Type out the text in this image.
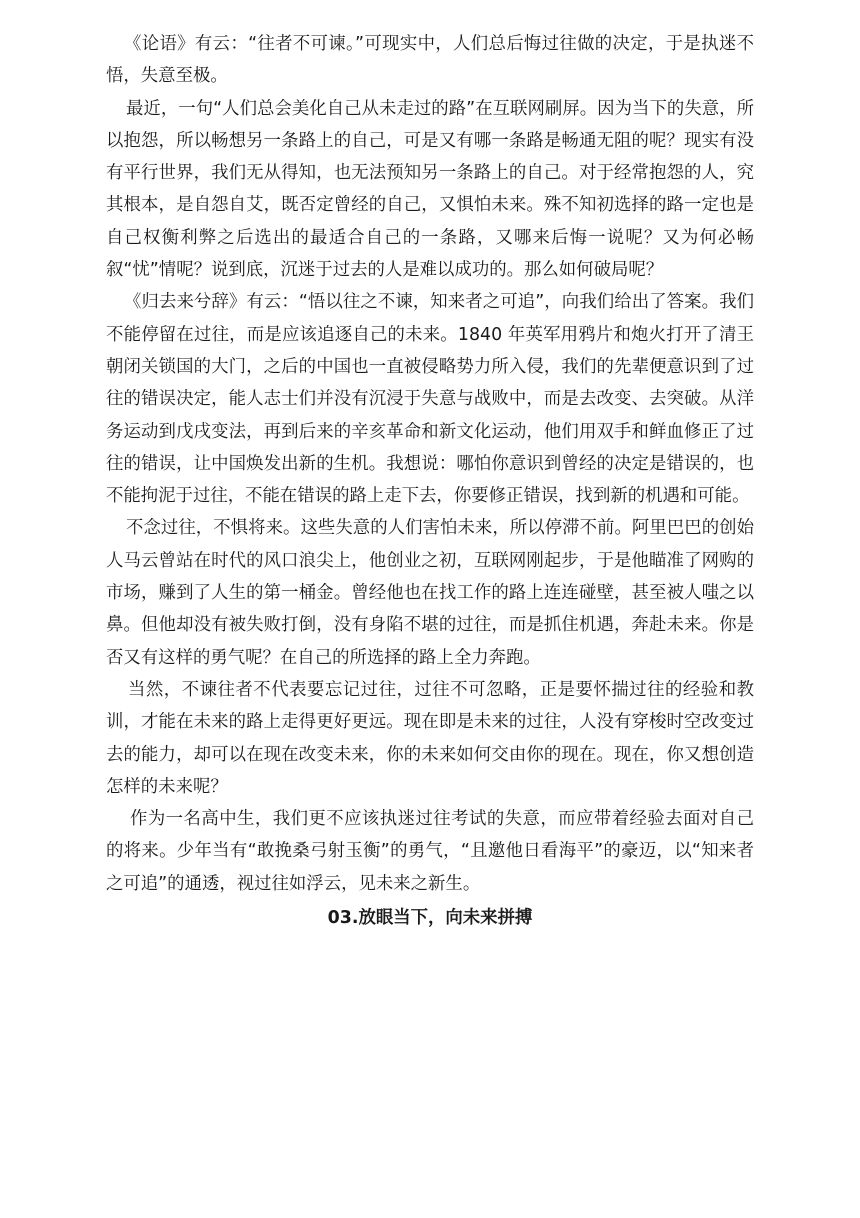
《论语》有云：“往者不可谏。”可现实中，人们总后悔过往做的决定，于是执迷不悟，失意至极。

最近，一句“人们总会美化自己从未走过的路”在互联网刷屏。因为当下的失意，所以抱怨，所以畅想另一条路上的自己，可是又有哪一条路是畅通无阻的呢？现实有没有平行世界，我们无从得知，也无法预知另一条路上的自己。对于经常抱怨的人，究其根本，是自怨自艾，既否定曾经的自己，又惧怕未来。殊不知初选择的路一定也是自己权衡利弊之后选出的最适合自己的一条路，又哪来后悔一说呢？又为何必畅叙“忧”情呢？说到底，沉迷于过去的人是难以成功的。那么如何破局呢？

《归去来兮辞》有云：“悟以往之不谏，知来者之可追”，向我们给出了答案。我们不能停留在过往，而是应该追逐自己的未来。1840 年英军用鸦片和炮火打开了清王朝闭关锁国的大门，之后的中国也一直被侵略势力所入侵，我们的先辈便意识到了过往的错误决定，能人志士们并没有沉浸于失意与战败中，而是去改变、去突破。从洋务运动到戊戌变法，再到后来的辛亥革命和新文化运动，他们用双手和鲜血修正了过往的错误，让中国焕发出新的生机。我想说：哪怕你意识到曾经的决定是错误的，也不能拘泥于过往，不能在错误的路上走下去，你要修正错误，找到新的机遇和可能。

不念过往，不惧将来。这些失意的人们害怕未来，所以停滞不前。阿里巴巴的创始人马云曾站在时代的风口浪尖上，他创业之初，互联网刚起步，于是他瞄准了网购的市场，赚到了人生的第一桶金。曾经他也在找工作的路上连连碰壁，甚至被人嗤之以鼻。但他却没有被失败打倒，没有身陷不堪的过往，而是抓住机遇，奔赴未来。你是否又有这样的勇气呢？在自己的所选择的路上全力奔跑。

当然，不谏往者不代表要忘记过往，过往不可忽略，正是要怀揣过往的经验和教训，才能在未来的路上走得更好更远。现在即是未来的过往，人没有穿梭时空改变过去的能力，却可以在现在改变未来，你的未来如何交由你的现在。现在，你又想创造怎样的未来呢？

作为一名高中生，我们更不应该执迷过往考试的失意，而应带着经验去面对自己的将来。少年当有“敢挽桑弓射玉衡”的勇气，“且邀他日看海平”的豪迈，以“知来者之可追”的通透，视过往如浮云，见未来之新生。

03.放眼当下，向未来拼搏
